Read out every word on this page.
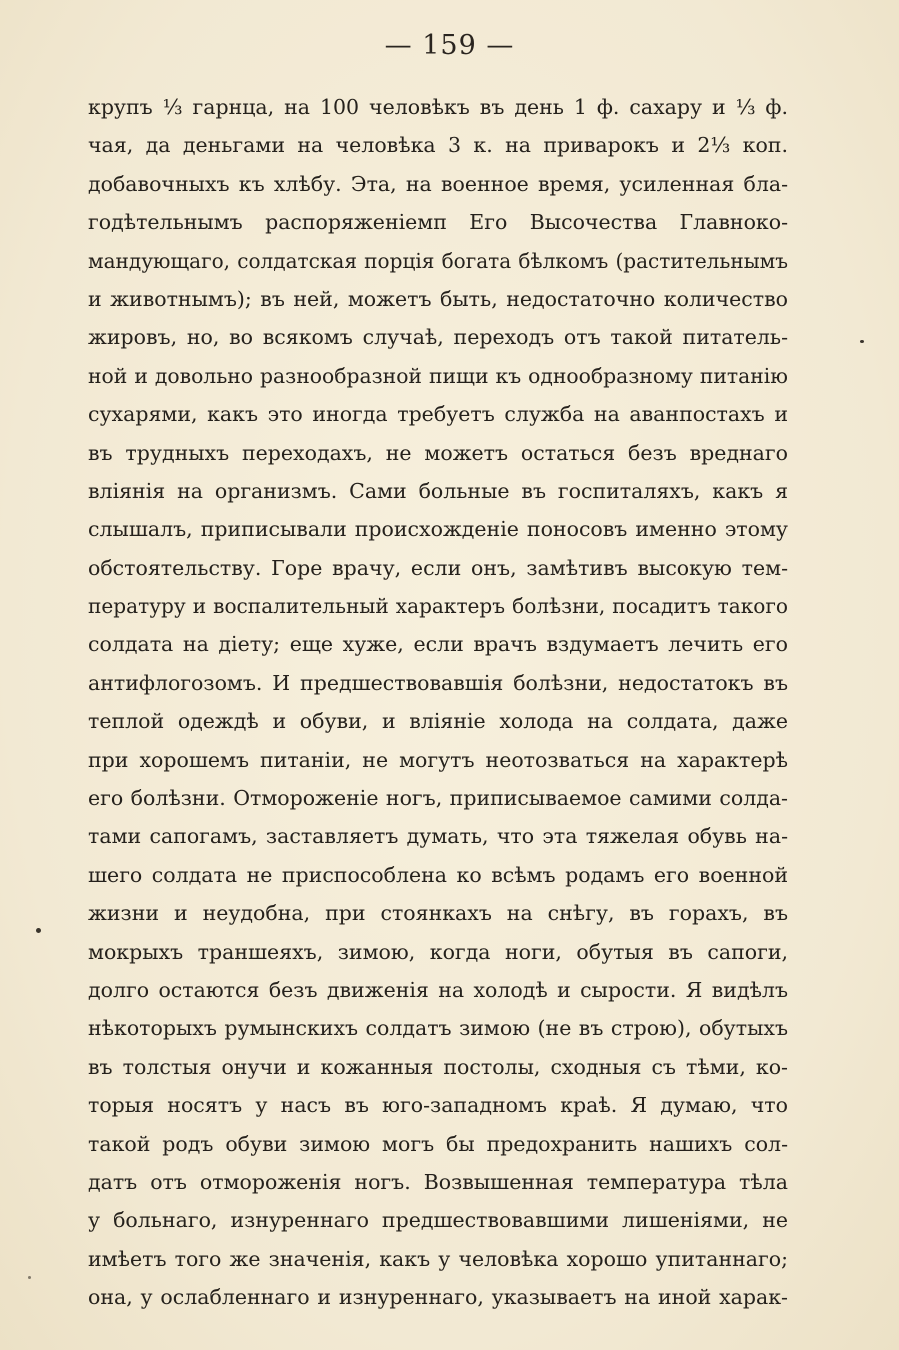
— 159 —
крупъ ⅓ гарнца, на 100 человѣкъ въ день 1 ф. сахару и ⅓ ф.
чая, да деньгами на человѣка 3 к. на приварокъ и 2⅓ коп.
добавочныхъ къ хлѣбу. Эта, на военное время, усиленная бла-
годѣтельнымъ распоряженіемп Его Высочества Главноко-
мандующаго, солдатская порція богата бѣлкомъ (растительнымъ
и животнымъ); въ ней, можетъ быть, недостаточно количество
жировъ, но, во всякомъ случаѣ, переходъ отъ такой питатель-
ной и довольно разнообразной пищи къ однообразному питанію
сухарями, какъ это иногда требуетъ служба на аванпостахъ и
въ трудныхъ переходахъ, не можетъ остаться безъ вреднаго
вліянія на организмъ. Сами больные въ госпиталяхъ, какъ я
слышалъ, приписывали происхожденіе поносовъ именно этому
обстоятельству. Горе врачу, если онъ, замѣтивъ высокую тем-
пературу и воспалительный характеръ болѣзни, посадитъ такого
солдата на діету; еще хуже, если врачъ вздумаетъ лечить его
антифлогозомъ. И предшествовавшія болѣзни, недостатокъ въ
теплой одеждѣ и обуви, и вліяніе холода на солдата, даже
при хорошемъ питаніи, не могутъ неотозваться на характерѣ
его болѣзни. Отмороженіе ногъ, приписываемое самими солда-
тами сапогамъ, заставляетъ думать, что эта тяжелая обувь на-
шего солдата не приспособлена ко всѣмъ родамъ его военной
жизни и неудобна, при стоянкахъ на снѣгу, въ горахъ, въ
мокрыхъ траншеяхъ, зимою, когда ноги, обутыя въ сапоги,
долго остаются безъ движенія на холодѣ и сырости. Я видѣлъ
нѣкоторыхъ румынскихъ солдатъ зимою (не въ строю), обутыхъ
въ толстыя онучи и кожанныя постолы, сходныя съ тѣми, ко-
торыя носятъ у насъ въ юго-западномъ краѣ. Я думаю, что
такой родъ обуви зимою могъ бы предохранить нашихъ сол-
датъ отъ отмороженія ногъ. Возвышенная температура тѣла
у больнаго, изнуреннаго предшествовавшими лишеніями, не
имѣетъ того же значенія, какъ у человѣка хорошо упитаннаго;
она, у ослабленнаго и изнуреннаго, указываетъ на иной харак-
